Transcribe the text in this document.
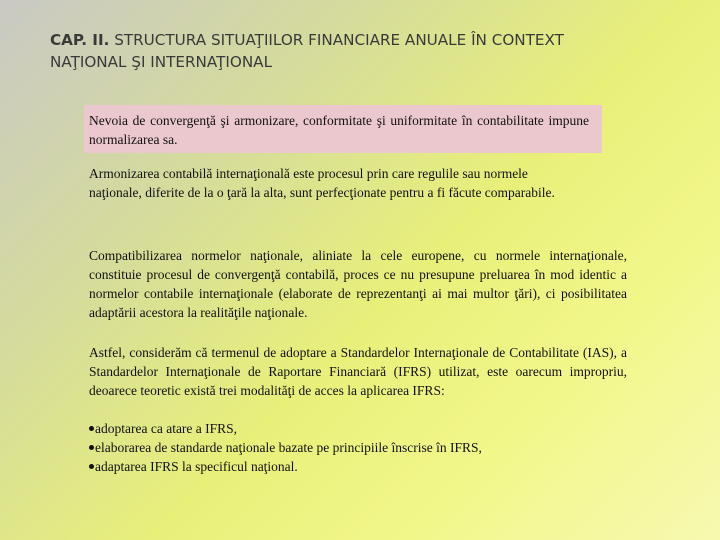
CAP. II. STRUCTURA SITUAŢIILOR FINANCIARE ANUALE ÎN CONTEXT
NAŢIONAL ŞI INTERNAŢIONAL

Nevoia de convergenţă şi armonizare, conformitate şi uniformitate în contabilitate impune normalizarea sa.

Armonizarea contabilă internaţională este procesul prin care regulile sau normele naţionale, diferite de la o ţară la alta, sunt perfecţionate pentru a fi făcute comparabile.

Compatibilizarea normelor naţionale, aliniate la cele europene, cu normele internaţionale, constituie procesul de convergenţă contabilă, proces ce nu presupune preluarea în mod identic a normelor contabile internaţionale (elaborate de reprezentanţi ai mai multor ţări), ci posibilitatea adaptării acestora la realităţile naţionale.

Astfel, considerăm că termenul de adoptare a Standardelor Internaţionale de Contabilitate (IAS), a Standardelor Internaţionale de Raportare Financiară (IFRS) utilizat, este oarecum impropriu, deoarece teoretic există trei modalităţi de acces la aplicarea IFRS:

adoptarea ca atare a IFRS,
elaborarea de standarde naţionale bazate pe principiile înscrise în IFRS,
adaptarea IFRS la specificul naţional.
